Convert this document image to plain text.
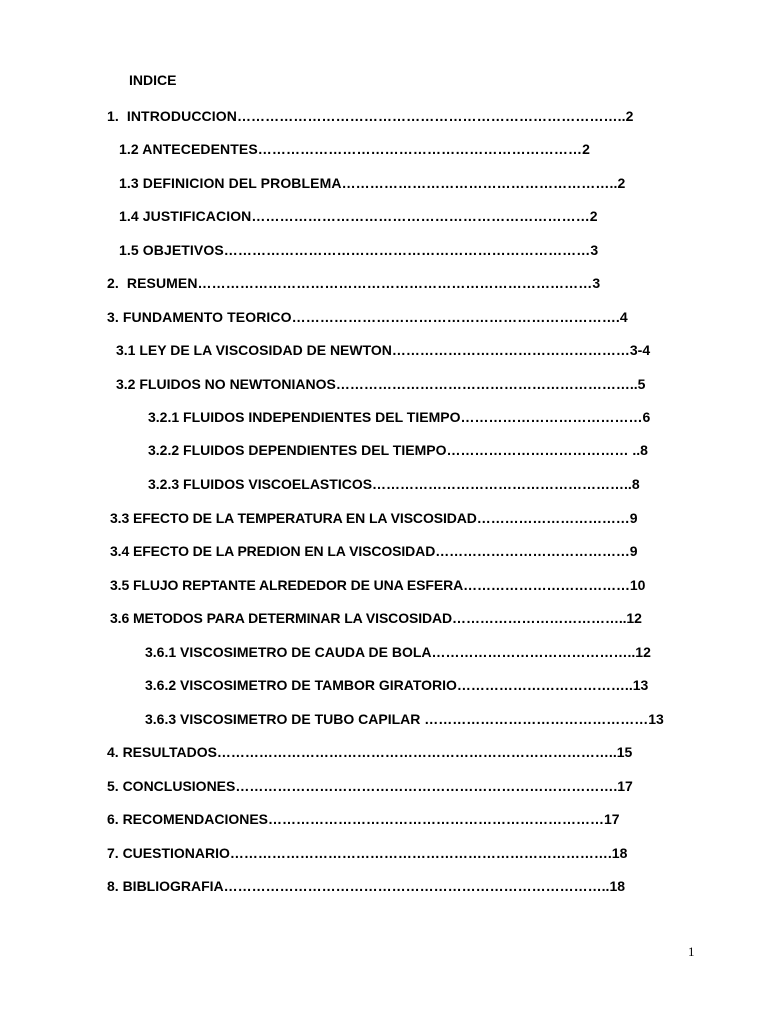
INDICE
1.  INTRODUCCION………………………………………………………………………..2
1.2 ANTECEDENTES……………………………………………………………2
1.3 DEFINICION DEL PROBLEMA…………………………………………………..2
1.4 JUSTIFICACION………………………………………………………………2
1.5 OBJETIVOS……………………………………………………………………3
2.  RESUMEN…………………………………………………………………………3
3. FUNDAMENTO TEORICO…………………………………………………………….4
3.1 LEY DE LA VISCOSIDAD DE NEWTON……………………………………………3-4
3.2 FLUIDOS NO NEWTONIANOS………………………………………………………..5
3.2.1 FLUIDOS INDEPENDIENTES DEL TIEMPO…………………………………6
3.2.2 FLUIDOS DEPENDIENTES DEL TIEMPO………………………………… ..8
3.2.3 FLUIDOS VISCOELASTICOS………………………………………………..8
3.3 EFECTO DE LA TEMPERATURA EN LA VISCOSIDAD……………………………9
3.4 EFECTO DE LA PREDION EN LA VISCOSIDAD……………………………………9
3.5 FLUJO REPTANTE ALREDEDOR DE UNA ESFERA………………………………10
3.6 METODOS PARA DETERMINAR LA VISCOSIDAD………………………………..12
3.6.1 VISCOSIMETRO DE CAUDA DE BOLA……………………………………..12
3.6.2 VISCOSIMETRO DE TAMBOR GIRATORIO………………………………..13
3.6.3 VISCOSIMETRO DE TUBO CAPILAR …………………………………………13
4. RESULTADOS…………………………………………………………………………..15
5. CONCLUSIONES……………………………………………………………………….17
6. RECOMENDACIONES………………………………………………………………17
7. CUESTIONARIO……………………………………………………………………….18
8. BIBLIOGRAFIA………………………………………………………………………..18
1
